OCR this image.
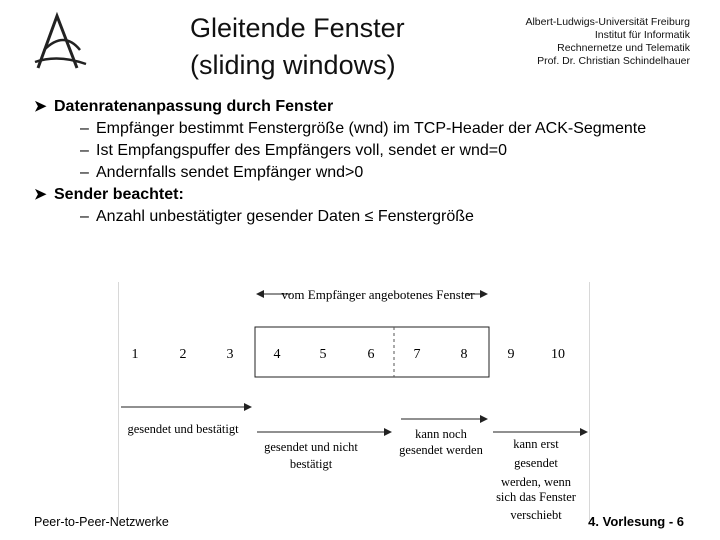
Gleitende Fenster
(sliding windows)
Albert-Ludwigs-Universität Freiburg
Institut für Informatik
Rechnernetze und Telematik
Prof. Dr. Christian Schindelhauer
➤ Datenratenanpassung durch Fenster
– Empfänger bestimmt Fenstergröße (wnd) im TCP-Header der ACK-Segmente
– Ist Empfangspuffer des Empfängers voll, sendet er wnd=0
– Andernfalls sendet Empfänger wnd>0
➤ Sender beachtet:
– Anzahl unbestätigter gesender Daten ≤ Fenstergröße
vom Empfänger angebotenes Fenster
1	2	3	4	5	6	7	8	9	10
gesendet und bestätigt
gesendet und nicht
bestätigt
kann noch
gesendet werden kann erst
gesendet
werden, wenn
sich das Fenster
verschiebt
Peer-to-Peer-Netzwerke	4. Vorlesung - 6
